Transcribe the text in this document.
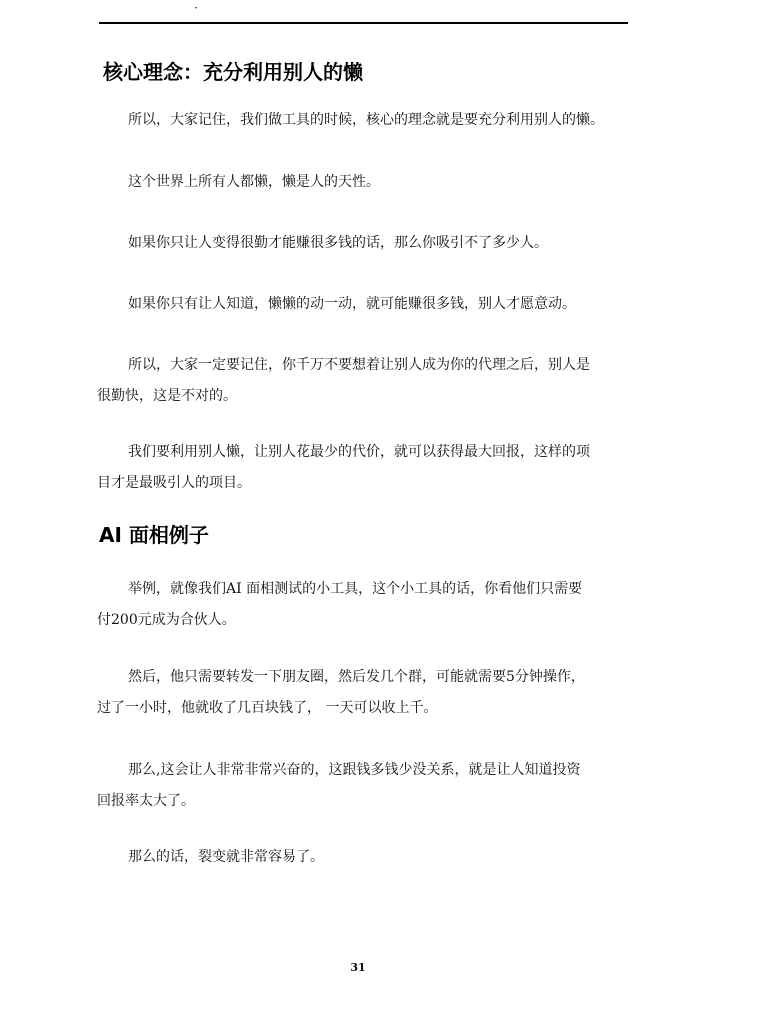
·
核心理念：充分利用别人的懒
所以，大家记住，我们做工具的时候，核心的理念就是要充分利用别人的懒。
这个世界上所有人都懒，懒是人的天性。
如果你只让人变得很勤才能赚很多钱的话，那么你吸引不了多少人。
如果你只有让人知道，懒懒的动一动，就可能赚很多钱，别人才愿意动。
所以，大家一定要记住，你千万不要想着让别人成为你的代理之后，别人是
很勤快，这是不对的。
我们要利用别人懒，让别人花最少的代价，就可以获得最大回报，这样的项
目才是最吸引人的项目。
AI 面相例子
举例，就像我们AI 面相测试的小工具，这个小工具的话，你看他们只需要
付200元成为合伙人。
然后，他只需要转发一下朋友圈，然后发几个群，可能就需要5分钟操作，
过了一小时，他就收了几百块钱了， 一天可以收上千。
那么,这会让人非常非常兴奋的，这跟钱多钱少没关系，就是让人知道投资
回报率太大了。
那么的话，裂变就非常容易了。
31
